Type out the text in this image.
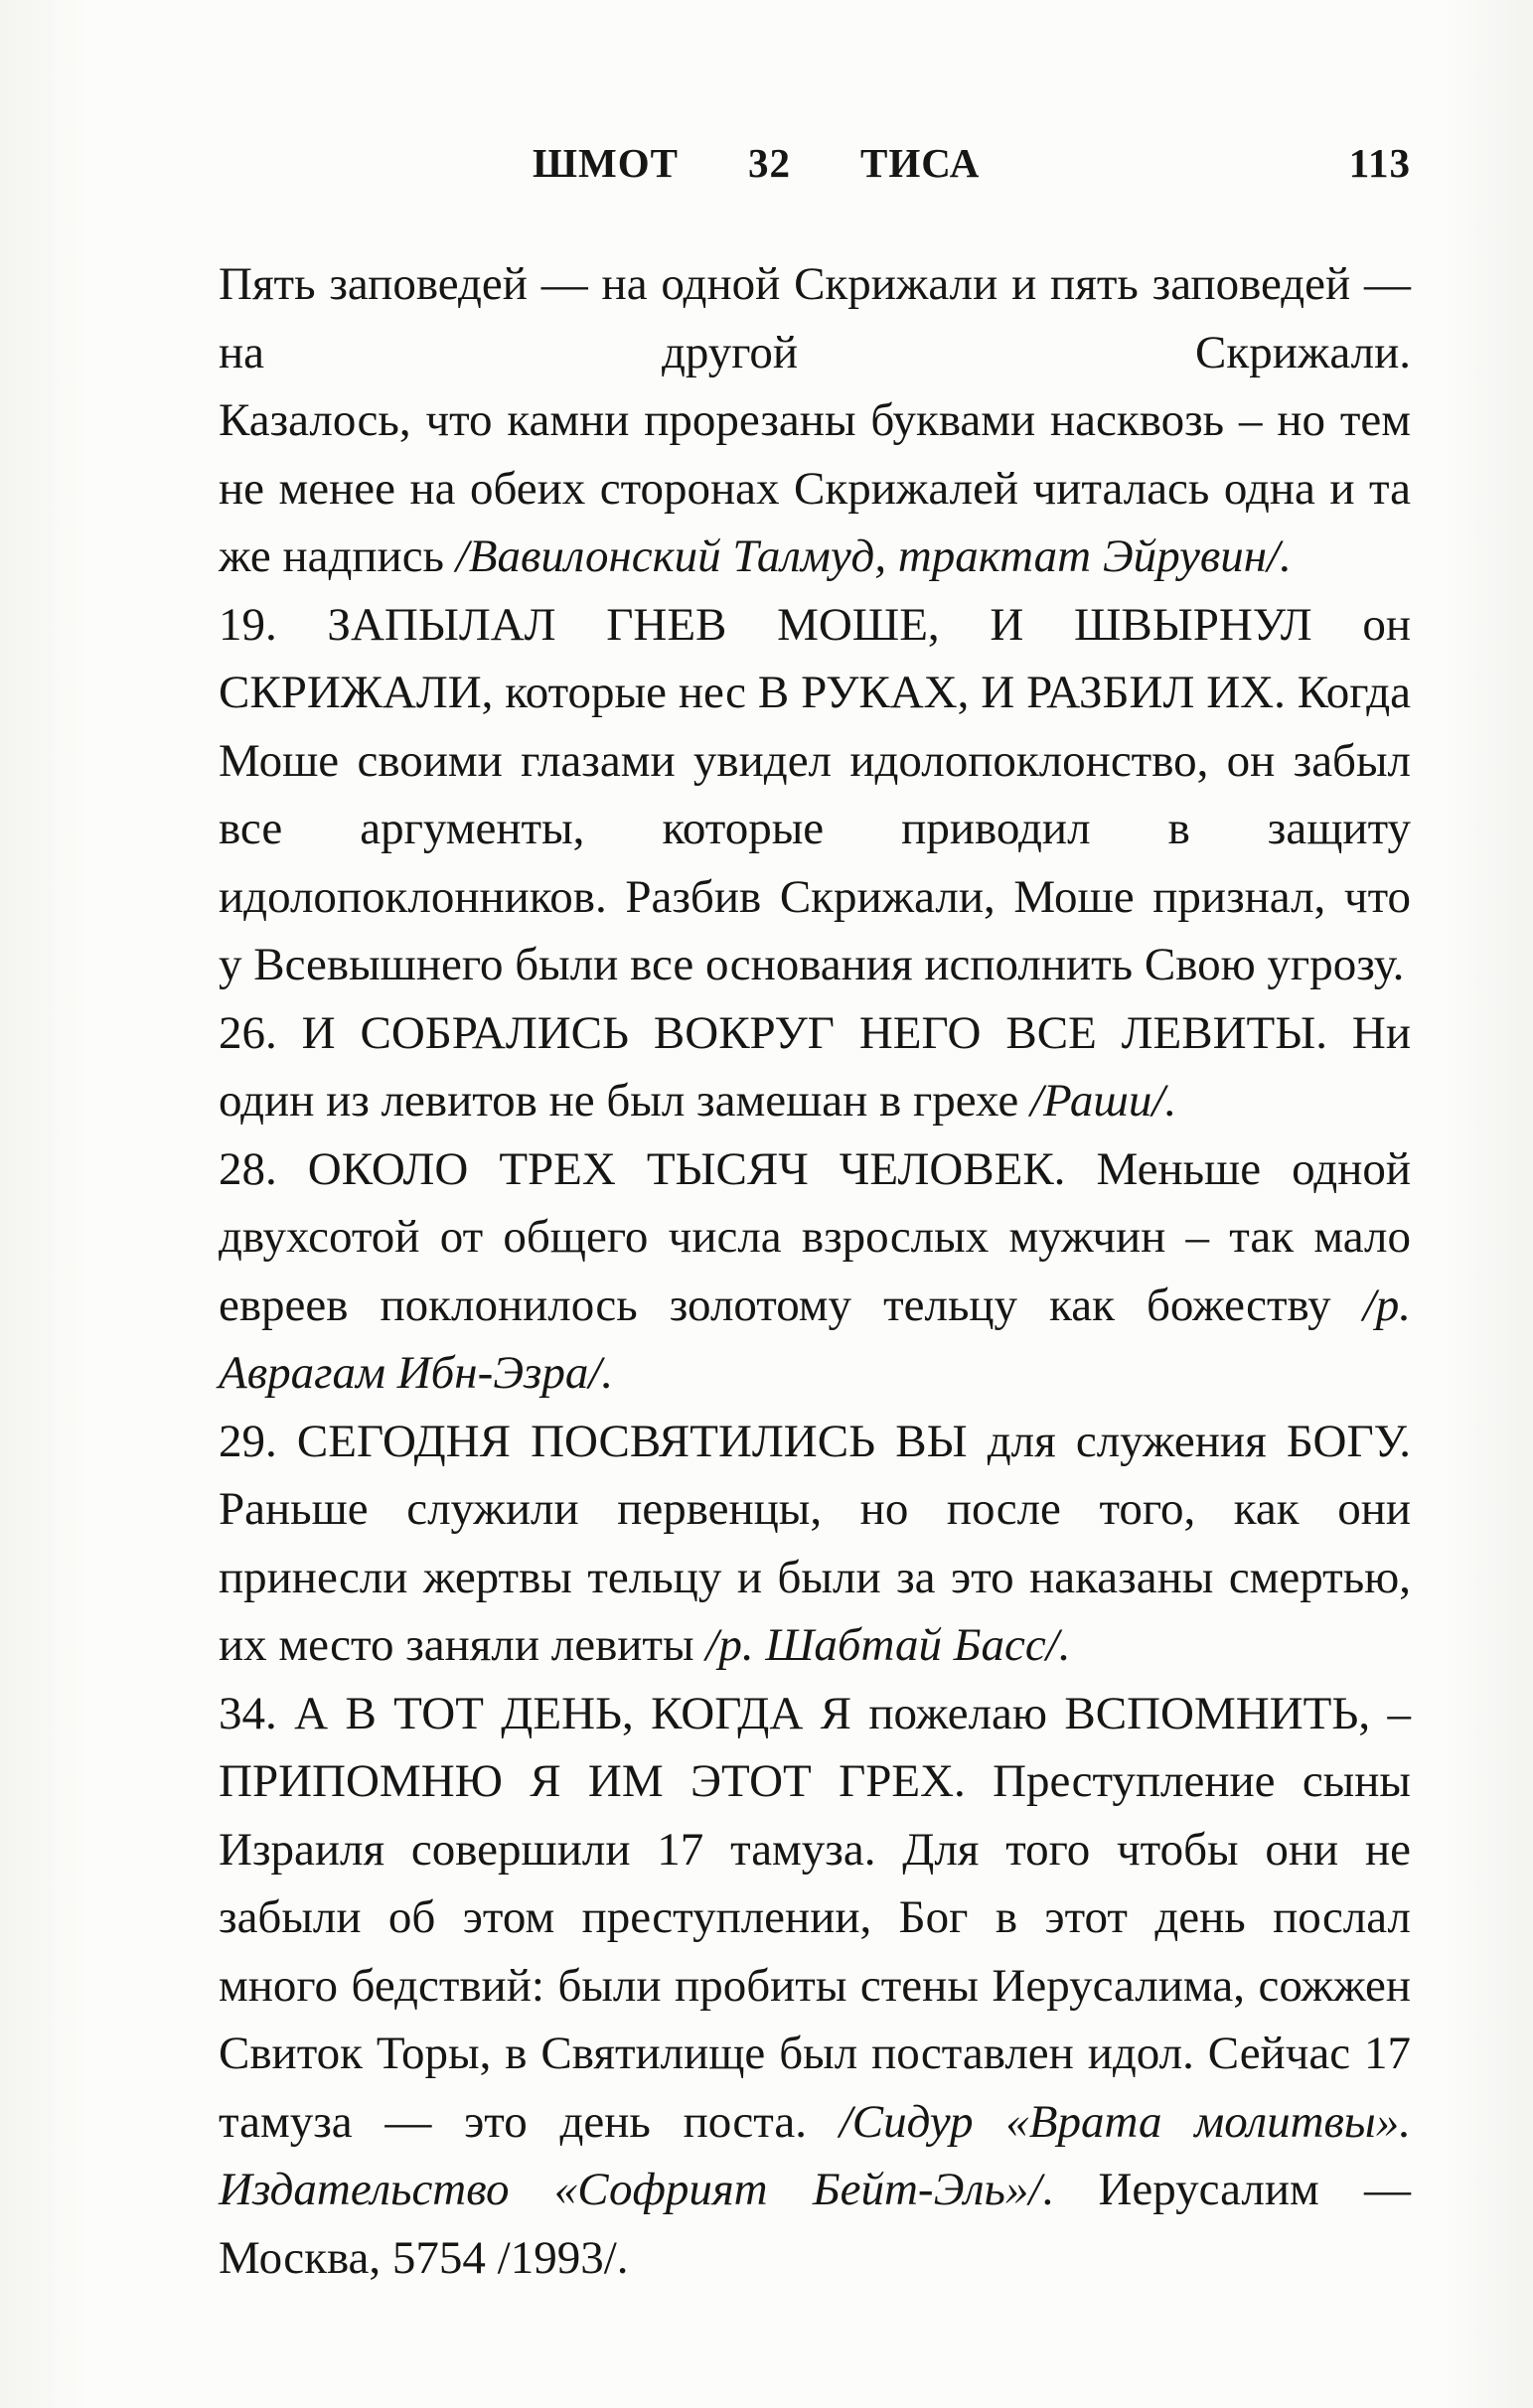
ШМОТ 32 ТИСА	113

Пять заповедей — на одной Скрижали и пять заповедей — на другой Скрижали.

Казалось, что камни прорезаны буквами насквозь – но тем не менее на обеих сторонах Скрижалей читалась одна и та же надпись /Вавилонский Талмуд, трактат Эйрувин/.

19. ЗАПЫЛАЛ ГНЕВ МОШЕ, И ШВЫРНУЛ он СКРИЖАЛИ, которые нес В РУКАХ, И РАЗБИЛ ИХ. Когда Моше своими глазами увидел идолопоклонство, он забыл все аргументы, которые приводил в защиту идолопоклонников. Разбив Скрижали, Моше признал, что у Всевышнего были все основания исполнить Свою угрозу.

26. И СОБРАЛИСЬ ВОКРУГ НЕГО ВСЕ ЛЕВИТЫ. Ни один из левитов не был замешан в грехе /Раши/.

28. ОКОЛО ТРЕХ ТЫСЯЧ ЧЕЛОВЕК. Меньше одной двухсотой от общего числа взрослых мужчин – так мало евреев поклонилось золотому тельцу как божеству /р. Аврагам Ибн-Эзра/.

29. СЕГОДНЯ ПОСВЯТИЛИСЬ ВЫ для служения БОГУ. Раньше служили первенцы, но после того, как они принесли жертвы тельцу и были за это наказаны смертью, их место заняли левиты /р. Шабтай Басс/.

34. А В ТОТ ДЕНЬ, КОГДА Я пожелаю ВСПОМНИТЬ, – ПРИПОМНЮ Я ИМ ЭТОТ ГРЕХ. Преступление сыны Израиля совершили 17 тамуза. Для того чтобы они не забыли об этом преступлении, Бог в этот день послал много бедствий: были пробиты стены Иерусалима, сожжен Свиток Торы, в Святилище был поставлен идол. Сейчас 17 тамуза — это день поста. /Сидур «Врата молитвы». Издательство «Софрият Бейт-Эль»/. Иерусалим — Москва, 5754 /1993/.
